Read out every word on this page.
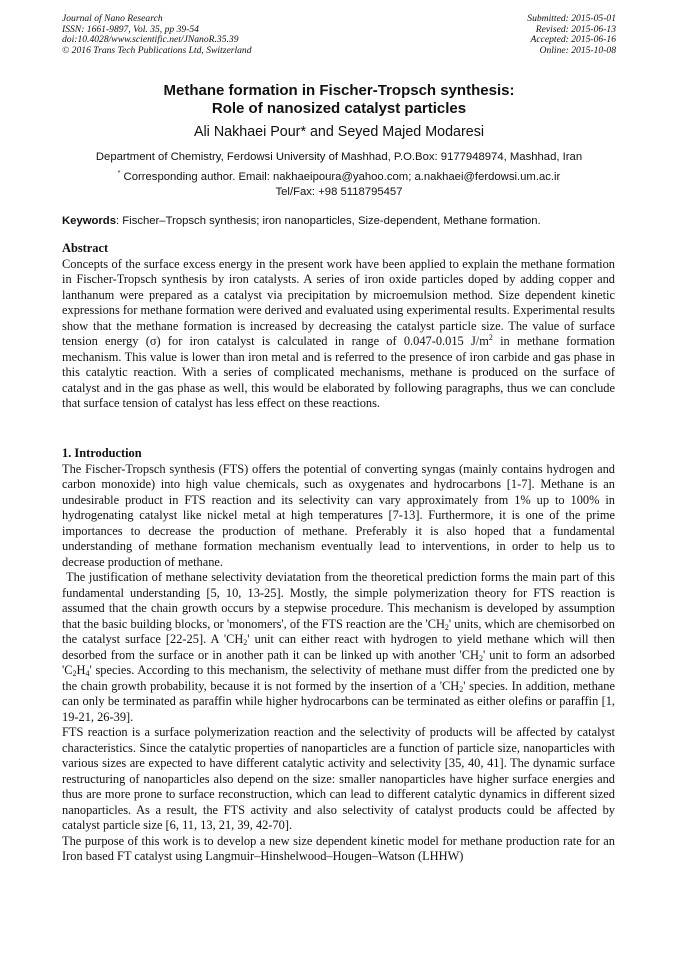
Journal of Nano Research
ISSN: 1661-9897, Vol. 35, pp 39-54
doi:10.4028/www.scientific.net/JNanoR.35.39
© 2016 Trans Tech Publications Ltd, Switzerland
Submitted: 2015-05-01
Revised: 2015-06-13
Accepted: 2015-06-16
Online: 2015-10-08
Methane formation in Fischer-Tropsch synthesis:
Role of nanosized catalyst particles
Ali Nakhaei Pour* and Seyed Majed Modaresi
Department of Chemistry, Ferdowsi University of Mashhad, P.O.Box: 9177948974, Mashhad, Iran
* Corresponding author. Email: nakhaeipoura@yahoo.com; a.nakhaei@ferdowsi.um.ac.ir
Tel/Fax: +98 5118795457
Keywords: Fischer–Tropsch synthesis; iron nanoparticles, Size-dependent, Methane formation.
Abstract

Concepts of the surface excess energy in the present work have been applied to explain the methane formation in Fischer-Tropsch synthesis by iron catalysts. A series of iron oxide particles doped by adding copper and lanthanum were prepared as a catalyst via precipitation by microemulsion method. Size dependent kinetic expressions for methane formation were derived and evaluated using experimental results. Experimental results show that the methane formation is increased by decreasing the catalyst particle size. The value of surface tension energy (σ) for iron catalyst is calculated in range of 0.047-0.015 $J/m^2$ in methane formation mechanism. This value is lower than iron metal and is referred to the presence of iron carbide and gas phase in this catalytic reaction. With a series of complicated mechanisms, methane is produced on the surface of catalyst and in the gas phase as well, this would be elaborated by following paragraphs, thus we can conclude that surface tension of catalyst has less effect on these reactions.

1. Introduction

The Fischer-Tropsch synthesis (FTS) offers the potential of converting syngas (mainly contains hydrogen and carbon monoxide) into high value chemicals, such as oxygenates and hydrocarbons [1-7]. Methane is an undesirable product in FTS reaction and its selectivity can vary approximately from 1% up to 100% in hydrogenating catalyst like nickel metal at high temperatures [7-13]. Furthermore, it is one of the prime importances to decrease the production of methane. Preferably it is also hoped that a fundamental understanding of methane formation mechanism eventually lead to interventions, in order to help us to decrease production of methane.

The justification of methane selectivity deviatation from the theoretical prediction forms the main part of this fundamental understanding [5, 10, 13-25]. Mostly, the simple polymerization theory for FTS reaction is assumed that the chain growth occurs by a stepwise procedure. This mechanism is developed by assumption that the basic building blocks, or 'monomers', of the FTS reaction are the '$CH_2$' units, which are chemisorbed on the catalyst surface [22-25]. A '$CH_2$' unit can either react with hydrogen to yield methane which will then desorbed from the surface or in another path it can be linked up with another '$CH_2$' unit to form an adsorbed '$C_2H_4$' species. According to this mechanism, the selectivity of methane must differ from the predicted one by the chain growth probability, because it is not formed by the insertion of a '$CH_2$' species. In addition, methane can only be terminated as paraffin while higher hydrocarbons can be terminated as either olefins or paraffin [1, 19-21, 26-39].

FTS reaction is a surface polymerization reaction and the selectivity of products will be affected by catalyst characteristics. Since the catalytic properties of nanoparticles are a function of particle size, nanoparticles with various sizes are expected to have different catalytic activity and selectivity [35, 40, 41]. The dynamic surface restructuring of nanoparticles also depend on the size: smaller nanoparticles have higher surface energies and thus are more prone to surface reconstruction, which can lead to different catalytic dynamics in different sized nanoparticles. As a result, the FTS activity and also selectivity of catalyst products could be affected by catalyst particle size [6, 11, 13, 21, 39, 42-70].

The purpose of this work is to develop a new size dependent kinetic model for methane production rate for an Iron based FT catalyst using Langmuir–Hinshelwood–Hougen–Watson (LHHW)
